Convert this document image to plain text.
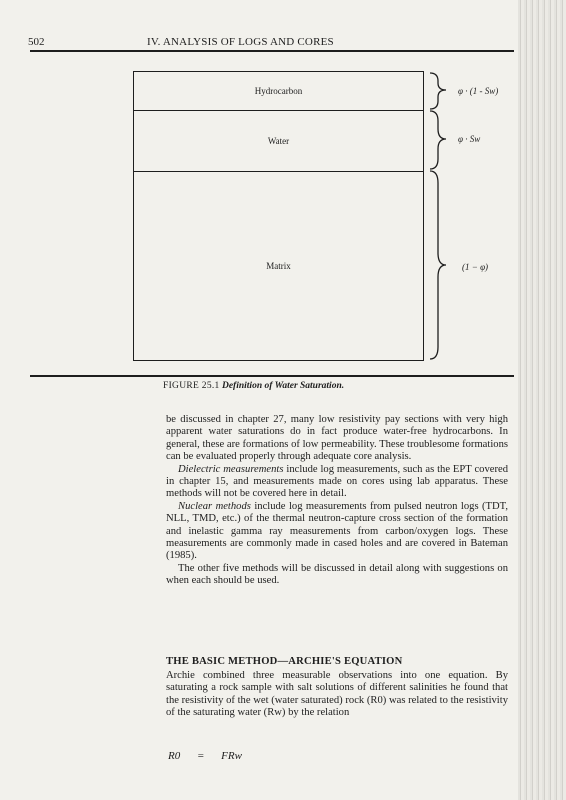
502	IV. ANALYSIS OF LOGS AND CORES
Hydrocarbon
Water
Matrix
φ · (1 - Sw)
φ · Sw
(1 − φ)
FIGURE 25.1 Definition of Water Saturation.

be discussed in chapter 27, many low resistivity pay sections with very high apparent water saturations do in fact produce water-free hydrocarbons. In general, these are formations of low permeability. These troublesome formations can be evaluated properly through adequate core analysis.

Dielectric measurements include log measurements, such as the EPT covered in chapter 15, and measurements made on cores using lab apparatus. These methods will not be covered here in detail.

Nuclear methods include log measurements from pulsed neutron logs (TDT, NLL, TMD, etc.) of the thermal neutron-capture cross section of the formation and inelastic gamma ray measurements from carbon/oxygen logs. These measurements are commonly made in cased holes and are covered in Bateman (1985).

The other five methods will be discussed in detail along with suggestions on when each should be used.

THE BASIC METHOD—ARCHIE'S EQUATION
Archie combined three measurable observations into one equation. By saturating a rock sample with salt solutions of different salinities he found that the resistivity of the wet (water saturated) rock (R0) was related to the resistivity of the saturating water (Rw) by the relation
R0 = FRw
